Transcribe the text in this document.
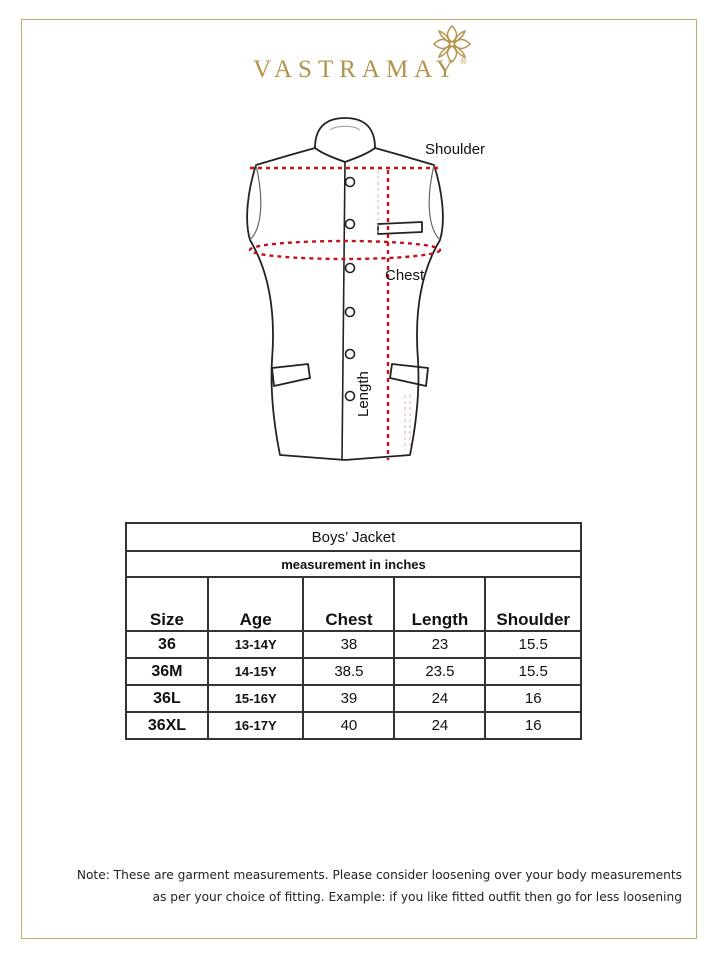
VASTRAMAY®
Shoulder
Chest
Length
Boys’ Jacket				
measurement in inches				
Size	Age	Chest	Length	Shoulder
36	13-14Y	38	23	15.5
36M	14-15Y	38.5	23.5	15.5
36L	15-16Y	39	24	16
36XL	16-17Y	40	24	16
Note: These are garment measurements. Please consider loosening over your body measurements
as per your choice of fitting. Example: if you like fitted outfit then go for less loosening
